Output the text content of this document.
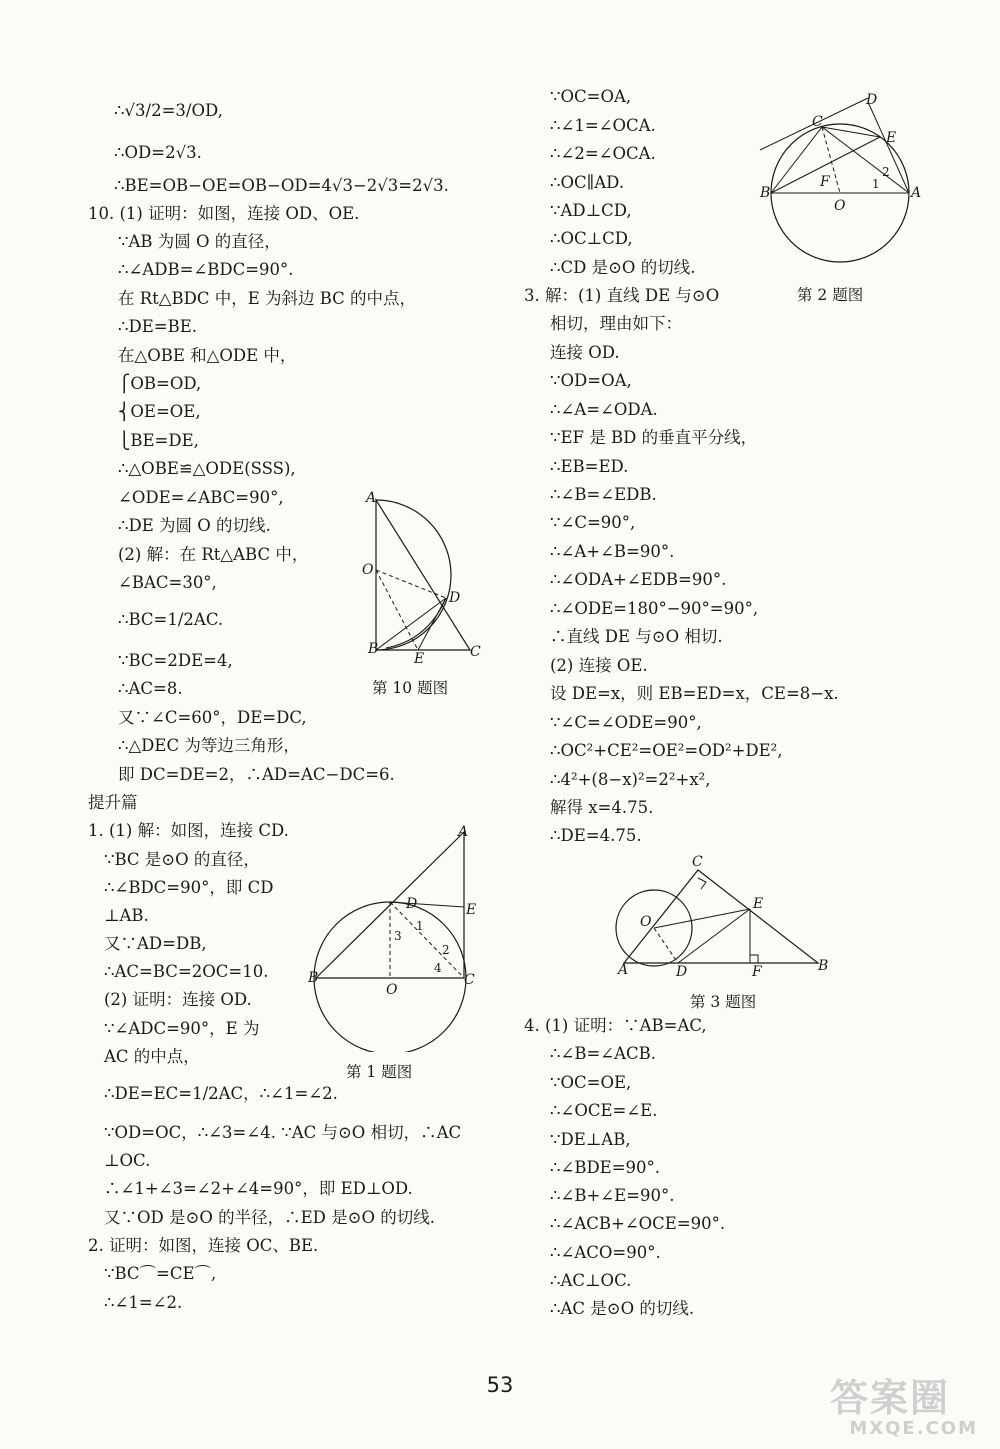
∴√3/2=3/OD,
∴OD=2√3.
∴BE=OB−OE=OB−OD=4√3−2√3=2√3.
10. (1) 证明：如图，连接 OD、OE.
∵AB 为圆 O 的直径，
∴∠ADB=∠BDC=90°.
在 Rt△BDC 中，E 为斜边 BC 的中点，
∴DE=BE.
在△OBE 和△ODE 中，
⎧OB=OD,
⎨OE=OE,
⎩BE=DE,
∴△OBE≌△ODE(SSS),
∠ODE=∠ABC=90°,
∴DE 为圆 O 的切线.
(2) 解：在 Rt△ABC 中，
∠BAC=30°,
∴BC=1/2AC.
∵BC=2DE=4,
∴AC=8.
又∵∠C=60°，DE=DC,
∴△DEC 为等边三角形，
即 DC=DE=2，∴AD=AC−DC=6.
提升篇
1. (1) 解：如图，连接 CD.
∵BC 是⊙O 的直径，
∴∠BDC=90°，即 CD
⊥AB.
又∵AD=DB,
∴AC=BC=2OC=10.
(2) 证明：连接 OD.
∵∠ADC=90°，E 为
AC 的中点，
∴DE=EC=1/2AC，∴∠1=∠2.
∵OD=OC，∴∠3=∠4. ∵AC 与⊙O 相切，∴AC
⊥OC.
∴∠1+∠3=∠2+∠4=90°，即 ED⊥OD.
又∵OD 是⊙O 的半径，∴ED 是⊙O 的切线.
2. 证明：如图，连接 OC、BE.
∵BC⌒=CE⌒,
∴∠1=∠2.
∵OC=OA,
∴∠1=∠OCA.
∴∠2=∠OCA.
∴OC∥AD.
∵AD⊥CD,
∴OC⊥CD,
∴CD 是⊙O 的切线.
3. 解：(1) 直线 DE 与⊙O
相切，理由如下：
连接 OD.
∵OD=OA,
∴∠A=∠ODA.
∵EF 是 BD 的垂直平分线，
∴EB=ED.
∴∠B=∠EDB.
∵∠C=90°,
∴∠A+∠B=90°.
∴∠ODA+∠EDB=90°.
∴∠ODE=180°−90°=90°,
∴直线 DE 与⊙O 相切.
(2) 连接 OE.
设 DE=x，则 EB=ED=x，CE=8−x.
∵∠C=∠ODE=90°,
∴OC²+CE²=OE²=OD²+DE²,
∴4²+(8−x)²=2²+x²,
解得 x=4.75.
∴DE=4.75.
4. (1) 证明：∵AB=AC,
∴∠B=∠ACB.
∵OC=OE,
∴∠OCE=∠E.
∵DE⊥AB,
∴∠BDE=90°.
∴∠B+∠E=90°.
∴∠ACB+∠OCE=90°.
∴∠ACO=90°.
∴AC⊥OC.
∴AC 是⊙O 的切线.
A
O
D
B
E	C
第 10 题图
A
D	E
3
1
2
4
B
O
C
第 1 题图
D
C
E
2
F	1
B
O
A
第 2 题图
C
E
O
A	D	F	B
第 3 题图
53	答案圈
MXQE.COM
